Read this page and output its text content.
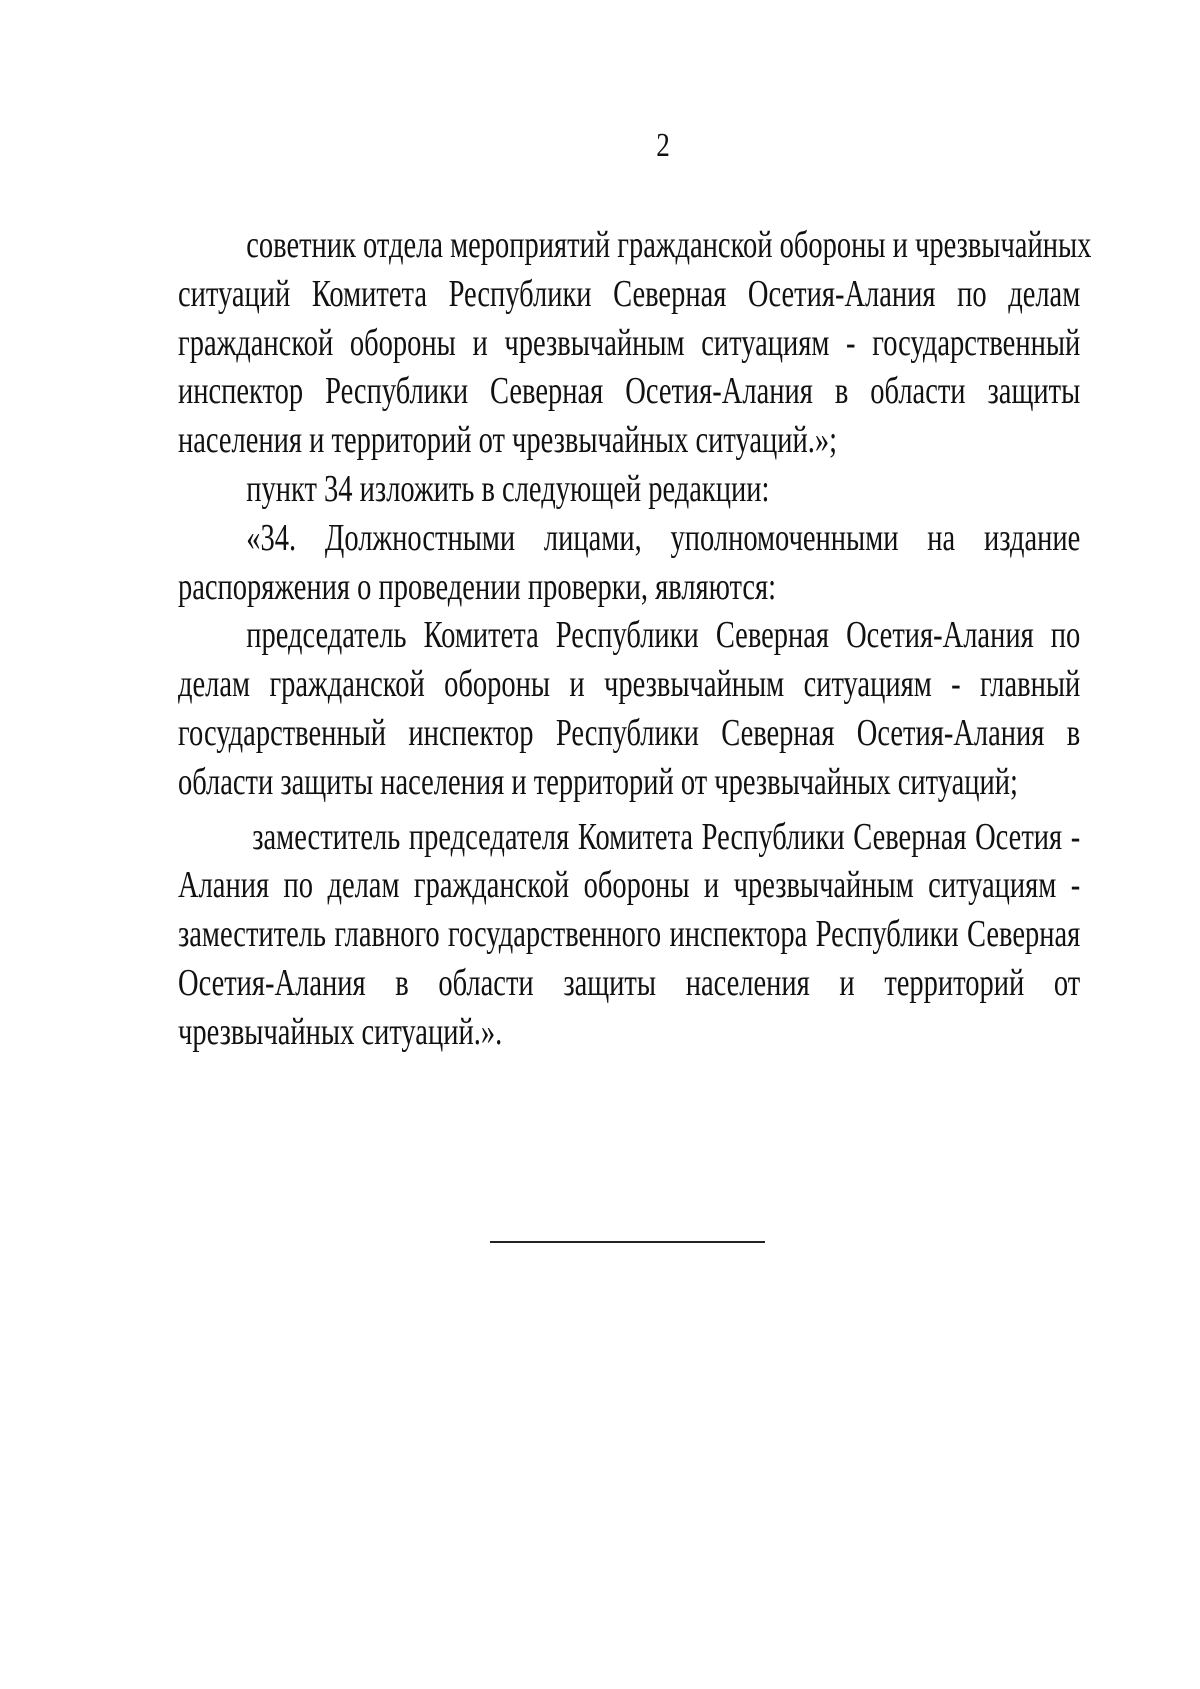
2
советник отдела мероприятий гражданской обороны и чрезвычайных
ситуаций Комитета Республики Северная Осетия-Алания по делам
гражданской обороны и чрезвычайным ситуациям - государственный
инспектор Республики Северная Осетия-Алания в области защиты
населения и территорий от чрезвычайных ситуаций.»;
пункт 34 изложить в следующей редакции:
«34. Должностными лицами, уполномоченными на издание
распоряжения о проведении проверки, являются:
председатель Комитета Республики Северная Осетия-Алания по
делам гражданской обороны и чрезвычайным ситуациям - главный
государственный инспектор Республики Северная Осетия-Алания в
области защиты населения и территорий от чрезвычайных ситуаций;
заместитель председателя Комитета Республики Северная Осетия -
Алания по делам гражданской обороны и чрезвычайным ситуациям -
заместитель главного государственного инспектора Республики Северная
Осетия-Алания в области защиты населения и территорий от
чрезвычайных ситуаций.».
